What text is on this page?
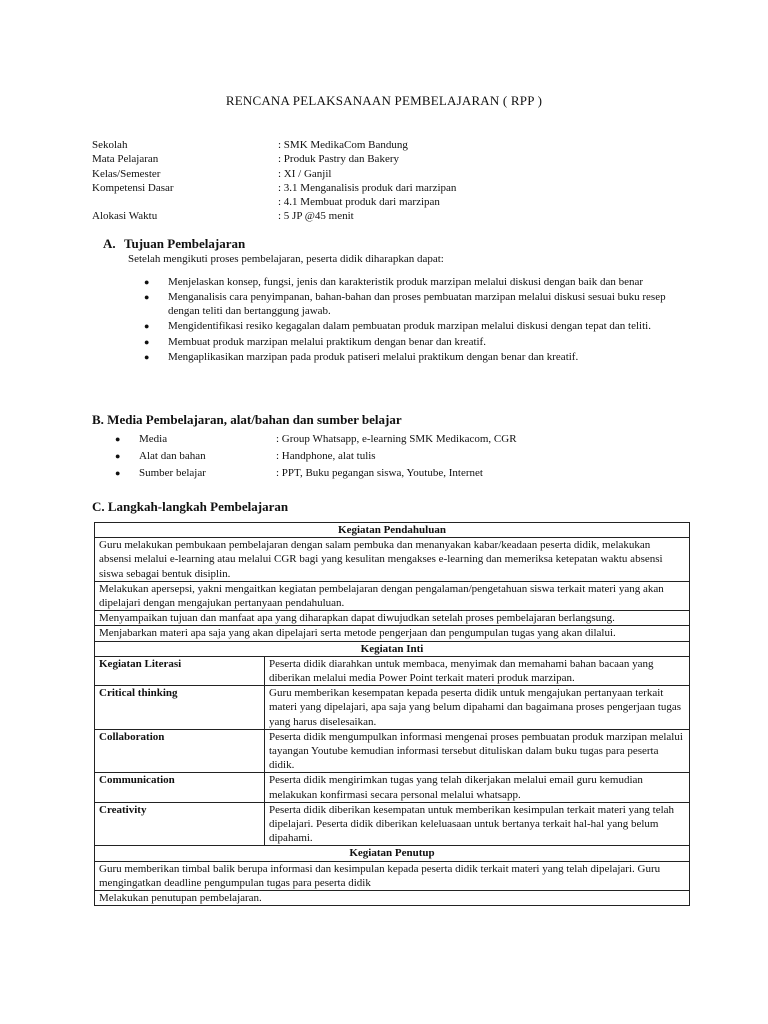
RENCANA PELAKSANAAN PEMBELAJARAN ( RPP )
Sekolah	: SMK MedikaCom Bandung
Mata Pelajaran	: Produk Pastry dan Bakery
Kelas/Semester	: XI / Ganjil
Kompetensi Dasar	: 3.1 Menganalisis produk dari marzipan
: 4.1 Membuat produk dari marzipan
Alokasi Waktu	: 5 JP @45 menit
A. Tujuan Pembelajaran
Setelah mengikuti proses pembelajaran, peserta didik diharapkan dapat:
● Menjelaskan konsep, fungsi, jenis dan karakteristik produk marzipan melalui diskusi dengan baik dan benar
● Menganalisis cara penyimpanan, bahan-bahan dan proses pembuatan marzipan melalui diskusi sesuai buku resep dengan teliti dan bertanggung jawab.
● Mengidentifikasi resiko kegagalan dalam pembuatan produk marzipan melalui diskusi dengan tepat dan teliti.
● Membuat produk marzipan melalui praktikum dengan benar dan kreatif.
● Mengaplikasikan marzipan pada produk patiseri melalui praktikum dengan benar dan kreatif.
B. Media Pembelajaran, alat/bahan dan sumber belajar
●	Media	: Group Whatsapp, e-learning SMK Medikacom, CGR
●	Alat dan bahan	: Handphone, alat tulis
●	Sumber belajar	: PPT, Buku pegangan siswa, Youtube, Internet
C. Langkah-langkah Pembelajaran
Kegiatan Pendahuluan	
Guru melakukan pembukaan pembelajaran dengan salam pembuka dan menanyakan kabar/keadaan peserta didik, melakukan absensi melalui e-learning atau melalui CGR bagi yang kesulitan mengakses e-learning dan memeriksa ketepatan waktu absensi siswa sebagai bentuk disiplin.	
Melakukan apersepsi, yakni mengaitkan kegiatan pembelajaran dengan pengalaman/pengetahuan siswa terkait materi yang akan dipelajari dengan mengajukan pertanyaan pendahuluan.	
Menyampaikan tujuan dan manfaat apa yang diharapkan dapat diwujudkan setelah proses pembelajaran berlangsung.	
Menjabarkan materi apa saja yang akan dipelajari serta metode pengerjaan dan pengumpulan tugas yang akan dilalui.	
Kegiatan Inti	
Kegiatan Literasi	Peserta didik diarahkan untuk membaca, menyimak dan memahami bahan bacaan yang diberikan melalui media Power Point terkait materi produk marzipan.
Critical thinking	Guru memberikan kesempatan kepada peserta didik untuk mengajukan pertanyaan terkait materi yang dipelajari, apa saja yang belum dipahami dan bagaimana proses pengerjaan tugas yang harus diselesaikan.
Collaboration	Peserta didik mengumpulkan informasi mengenai proses pembuatan produk marzipan melalui tayangan Youtube kemudian informasi tersebut dituliskan dalam buku tugas para peserta didik.
Communication	Peserta didik mengirimkan tugas yang telah dikerjakan melalui email guru kemudian melakukan konfirmasi secara personal melalui whatsapp.
Creativity	Peserta didik diberikan kesempatan untuk memberikan kesimpulan terkait materi yang telah dipelajari. Peserta didik diberikan keleluasaan untuk bertanya terkait hal-hal yang belum dipahami.
Kegiatan Penutup	
Guru memberikan timbal balik berupa informasi dan kesimpulan kepada peserta didik terkait materi yang telah dipelajari. Guru mengingatkan deadline pengumpulan tugas para peserta didik	
Melakukan penutupan pembelajaran.	
